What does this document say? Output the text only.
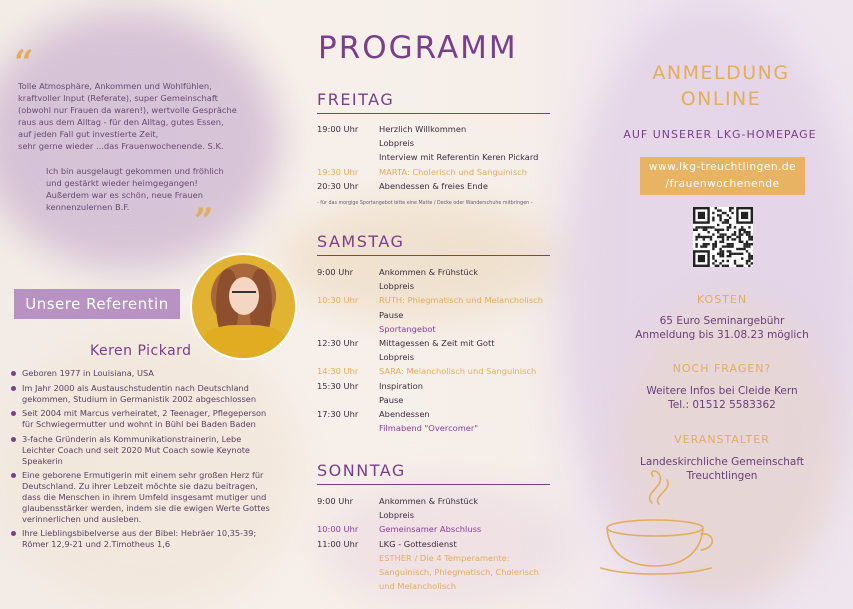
“
Tolle Atmosphäre, Ankommen und Wohlfühlen,
kraftvoller Input (Referate), super Gemeinschaft
(obwohl nur Frauen da waren!), wertvolle Gespräche
raus aus dem Alltag - für den Alltag, gutes Essen,
auf jeden Fall gut investierte Zeit,
sehr gerne wieder ...das Frauenwochenende. S.K.
Ich bin ausgelaugt gekommen und fröhlich
und gestärkt wieder heimgegangen!
Außerdem war es schön, neue Frauen
kennenzulernen B.F.	”
Unsere Referentin
Keren Pickard
Geboren 1977 in Louisiana, USA
Im Jahr 2000 als Austauschstudentin nach Deutschland gekommen, Studium in Germanistik 2002 abgeschlossen
Seit 2004 mit Marcus verheiratet, 2 Teenager, Pflegeperson für Schwiegermutter und wohnt in Bühl bei Baden Baden
3-fache Gründerin als Kommunikationstrainerin, Lebe Leichter Coach und seit 2020 Mut Coach sowie Keynote Speakerin
Eine geborene Ermutigerin mit einem sehr großen Herz für Deutschland. Zu ihrer Lebzeit möchte sie dazu beitragen, dass die Menschen in ihrem Umfeld insgesamt mutiger und glaubensstärker werden, indem sie die ewigen Werte Gottes verinnerlichen und ausleben.
Ihre Lieblingsbibelverse aus der Bibel: Hebräer 10,35-39; Römer 12,9-21 und 2.Timotheus 1,6
PROGRAMM
FREITAG
19:00 Uhr	Herzlich Willkommen
Lobpreis
Interview mit Referentin Keren Pickard
19:30 Uhr	MARTA: Cholerisch und Sanguinisch
20:30 Uhr	Abendessen & freies Ende
- für das morgige Sportangebot bitte eine Matte / Decke oder Wanderschuhe mitbringen -
SAMSTAG
9:00 Uhr	Ankommen & Frühstück
Lobpreis
10:30 Uhr	RUTH: Phlegmatisch und Melancholisch
Pause
Sportangebot
12:30 Uhr	Mittagessen & Zeit mit Gott
Lobpreis
14:30 Uhr	SARA: Melancholisch und Sanguinisch
15:30 Uhr	Inspiration
Pause
17:30 Uhr	Abendessen
Filmabend "Overcomer"
SONNTAG
9:00 Uhr	Ankommen & Frühstück
Lobpreis
10:00 Uhr	Gemeinsamer Abschluss
11:00 Uhr	LKG - Gottesdienst
ESTHER / Die 4 Temperamente:
Sanguinisch, Phlegmatisch, Cholerisch
und Melancholisch
ANMELDUNG
ONLINE
AUF UNSERER LKG-HOMEPAGE
www.lkg-treuchtlingen.de
/frauenwochenende
KOSTEN
65 Euro Seminargebühr
Anmeldung bis 31.08.23 möglich
NOCH FRAGEN?
Weitere Infos bei Cleide Kern
Tel.: 01512 5583362
VERANSTALTER
Landeskirchliche Gemeinschaft
Treuchtlingen
